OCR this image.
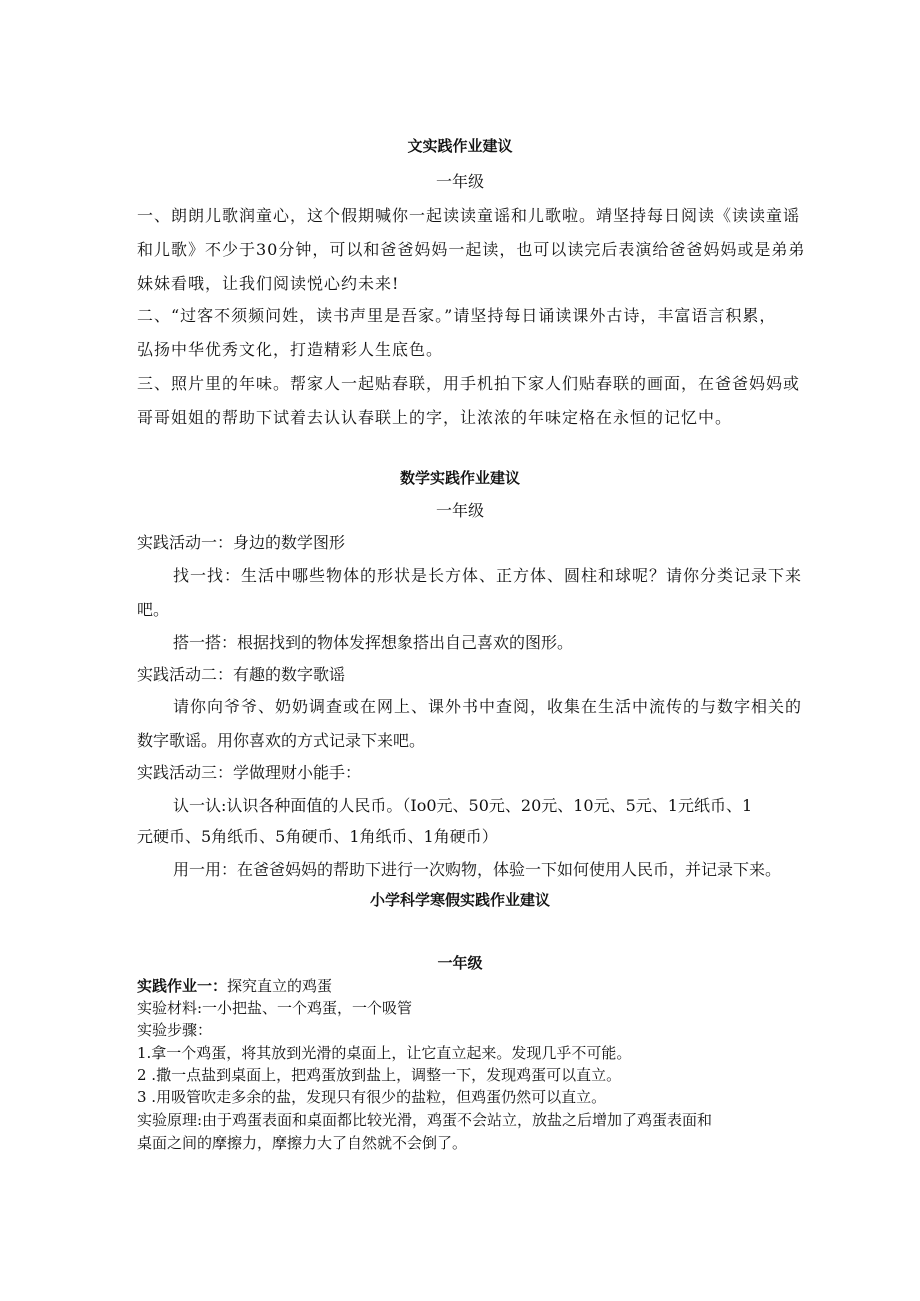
文实践作业建议
一年级
一、朗朗儿歌润童心，这个假期喊你一起读读童谣和儿歌啦。靖坚持每日阅读《读读童谣
和儿歌》不少于30分钟，可以和爸爸妈妈一起读，也可以读完后表演给爸爸妈妈或是弟弟
妹妹看哦，让我们阅读悦心约未来!
二、“过客不须频问姓，读书声里是吾家。”请坚持每日诵读课外古诗，丰富语言积累，
弘扬中华优秀文化，打造精彩人生底色。
三、照片里的年味。帮家人一起贴春联，用手机拍下家人们贴春联的画面，在爸爸妈妈或
哥哥姐姐的帮助下试着去认认春联上的字，让浓浓的年味定格在永恒的记忆中。
数学实践作业建议
一年级
实践活动一：身边的数学图形
找一找：生活中哪些物体的形状是长方体、正方体、圆柱和球呢？请你分类记录下来
吧。
搭一搭：根据找到的物体发挥想象搭出自己喜欢的图形。
实践活动二：有趣的数字歌谣
请你向爷爷、奶奶调查或在网上、课外书中查阅，收集在生活中流传的与数字相关的
数字歌谣。用你喜欢的方式记录下来吧。
实践活动三：学做理财小能手：
认一认:认识各种面值的人民币。（Io0元、50元、20元、10元、5元、1元纸币、1
元硬币、5角纸币、5角硬币、1角纸币、1角硬币）
用一用：在爸爸妈妈的帮助下进行一次购物，体验一下如何使用人民币，并记录下来。
小学科学寒假实践作业建议
一年级
实践作业一：探究直立的鸡蛋
实验材料:一小把盐、一个鸡蛋，一个吸管
实验步骤：
1.拿一个鸡蛋，将其放到光滑的桌面上，让它直立起来。发现几乎不可能。
2 .撒一点盐到桌面上，把鸡蛋放到盐上，调整一下，发现鸡蛋可以直立。
3 .用吸管吹走多余的盐，发现只有很少的盐粒，但鸡蛋仍然可以直立。
实验原理:由于鸡蛋表面和桌面都比较光滑，鸡蛋不会站立，放盐之后增加了鸡蛋表面和
桌面之间的摩擦力，摩擦力大了自然就不会倒了。
